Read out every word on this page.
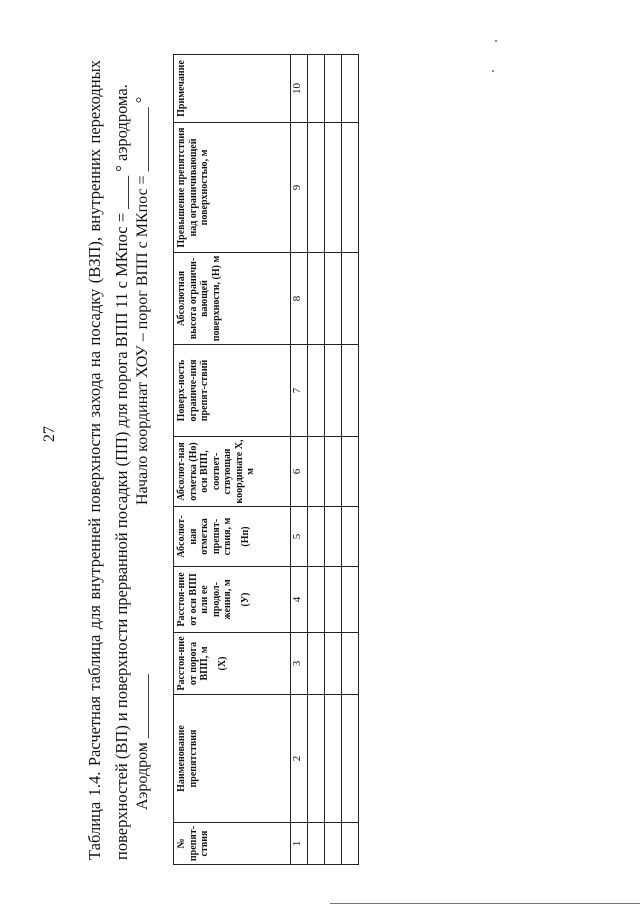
27 Таблица 1.4. Расчетная таблица для внутренней поверхности захода на посадку (ВЗП), внутренних переходных поверхностей (ВП) и поверхности прерванной посадки (ПП) для порога ВПП 11 с МКпос = ____ ° аэродрома. Аэродром ________
Начало координат ХОУ – порог ВПП с МКпос = ________ °
№ препят-ствия	Наименование препятствия	Расстоя-ние от порога ВПП, м (X)	Расстоя-ние от оси ВПП или ее продол-жения, м (У)	Абсолют-ная отметка препят-ствия, м (Нп)	Абсолют-ная отметка (Но) оси ВПП, соответ-ствующая координате Х, м	Поверх-ность ограниче-ния препят-ствий	Абсолютная высота ограничи-вающей поверхности, (Н) м	Превышение препятствия над ограничивающей поверхностью, м	Примечание

1	2	3	4	5	6	7	8	9	10
